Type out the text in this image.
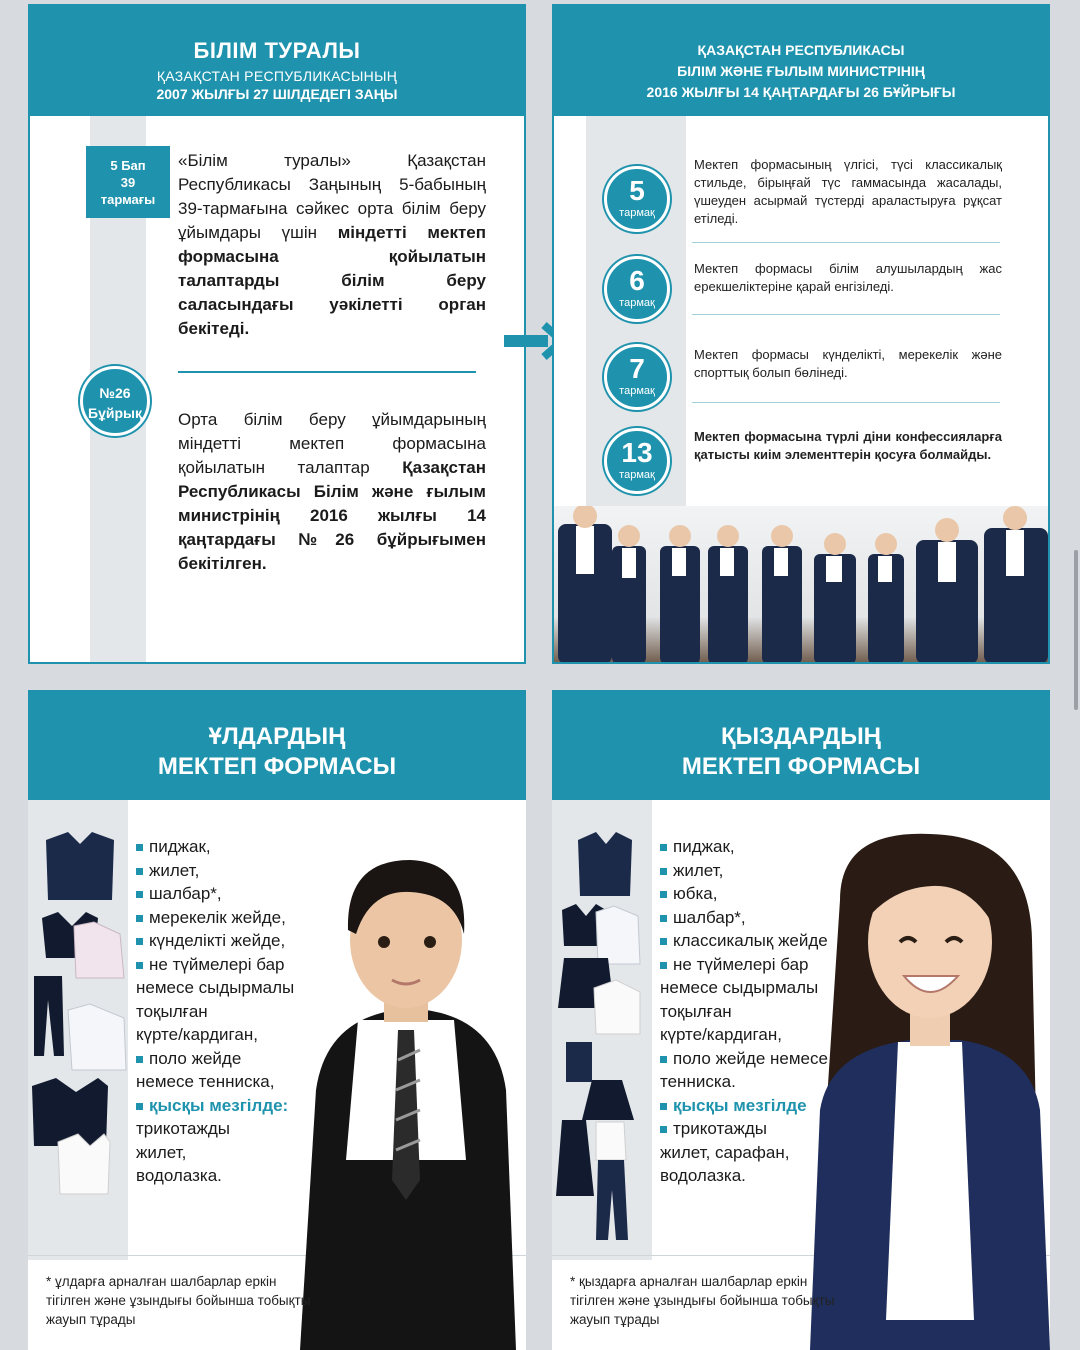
БІЛІМ ТУРАЛЫ
ҚАЗАҚСТАН РЕСПУБЛИКАСЫНЫҢ
2007 ЖЫЛҒЫ 27 ШІЛДЕДЕГІ ЗАҢЫ
5 Бап
39
тармағы
«Білім туралы» Қазақстан Республикасы Заңының 5-бабының 39-тармағына сәйкес орта білім беру ұйымдары үшін міндетті мектеп формасына қойылатын талаптарды білім беру саласындағы уәкілетті орган бекітеді.
№26
Бұйрық Орта білім беру ұйымдарының міндетті мектеп формасына қойылатын талаптар Қазақстан Республикасы Білім және ғылым министрінің 2016 жылғы 14 қаңтардағы №26 бұйрығымен бекітілген.
ҚАЗАҚСТАН РЕСПУБЛИКАСЫ
БІЛІМ ЖӘНЕ ҒЫЛЫМ МИНИСТРІНІҢ
2016 ЖЫЛҒЫ 14 ҚАҢТАРДАҒЫ 26 БҰЙРЫҒЫ
5
тармақ
6
тармақ
7
тармақ
13
тармақ
Мектеп формасының үлгісі, түсі классикалық стильде, бірыңғай түс гаммасында жасалады, үшеуден асырмай түстерді араластыруға рұқсат етіледі.
Мектеп формасы білім алушылардың жас ерекшеліктеріне қарай енгізіледі.
Мектеп формасы күнделікті, мерекелік және спорттық болып бөлінеді.
Мектеп формасына түрлі діни конфессияларға қатысты киім элементтерін қосуға болмайды.
ҰЛДАРДЫҢ
МЕКТЕП ФОРМАСЫ
пиджак,
жилет,
шалбар*,
мерекелік жейде,
күнделікті жейде,
не түймелері бар
немесе сыдырмалы
тоқылған
күрте/кардиган,
поло жейде
немесе тенниска,
қысқы мезгілде:
трикотажды
жилет,
водолазка.
* ұлдарға арналған шалбарлар еркін тігілген және ұзындығы бойынша тобықты жауып тұрады
ҚЫЗДАРДЫҢ
МЕКТЕП ФОРМАСЫ
пиджак,
жилет,
юбка,
шалбар*,
классикалық жейде
не түймелері бар
немесе сыдырмалы
тоқылған
күрте/кардиган,
поло жейде немесе
тенниска.
қысқы мезгілде
трикотажды
жилет, сарафан,
водолазка.
* қыздарға арналған шалбарлар еркін тігілген және ұзындығы бойынша тобықты жауып тұрады
